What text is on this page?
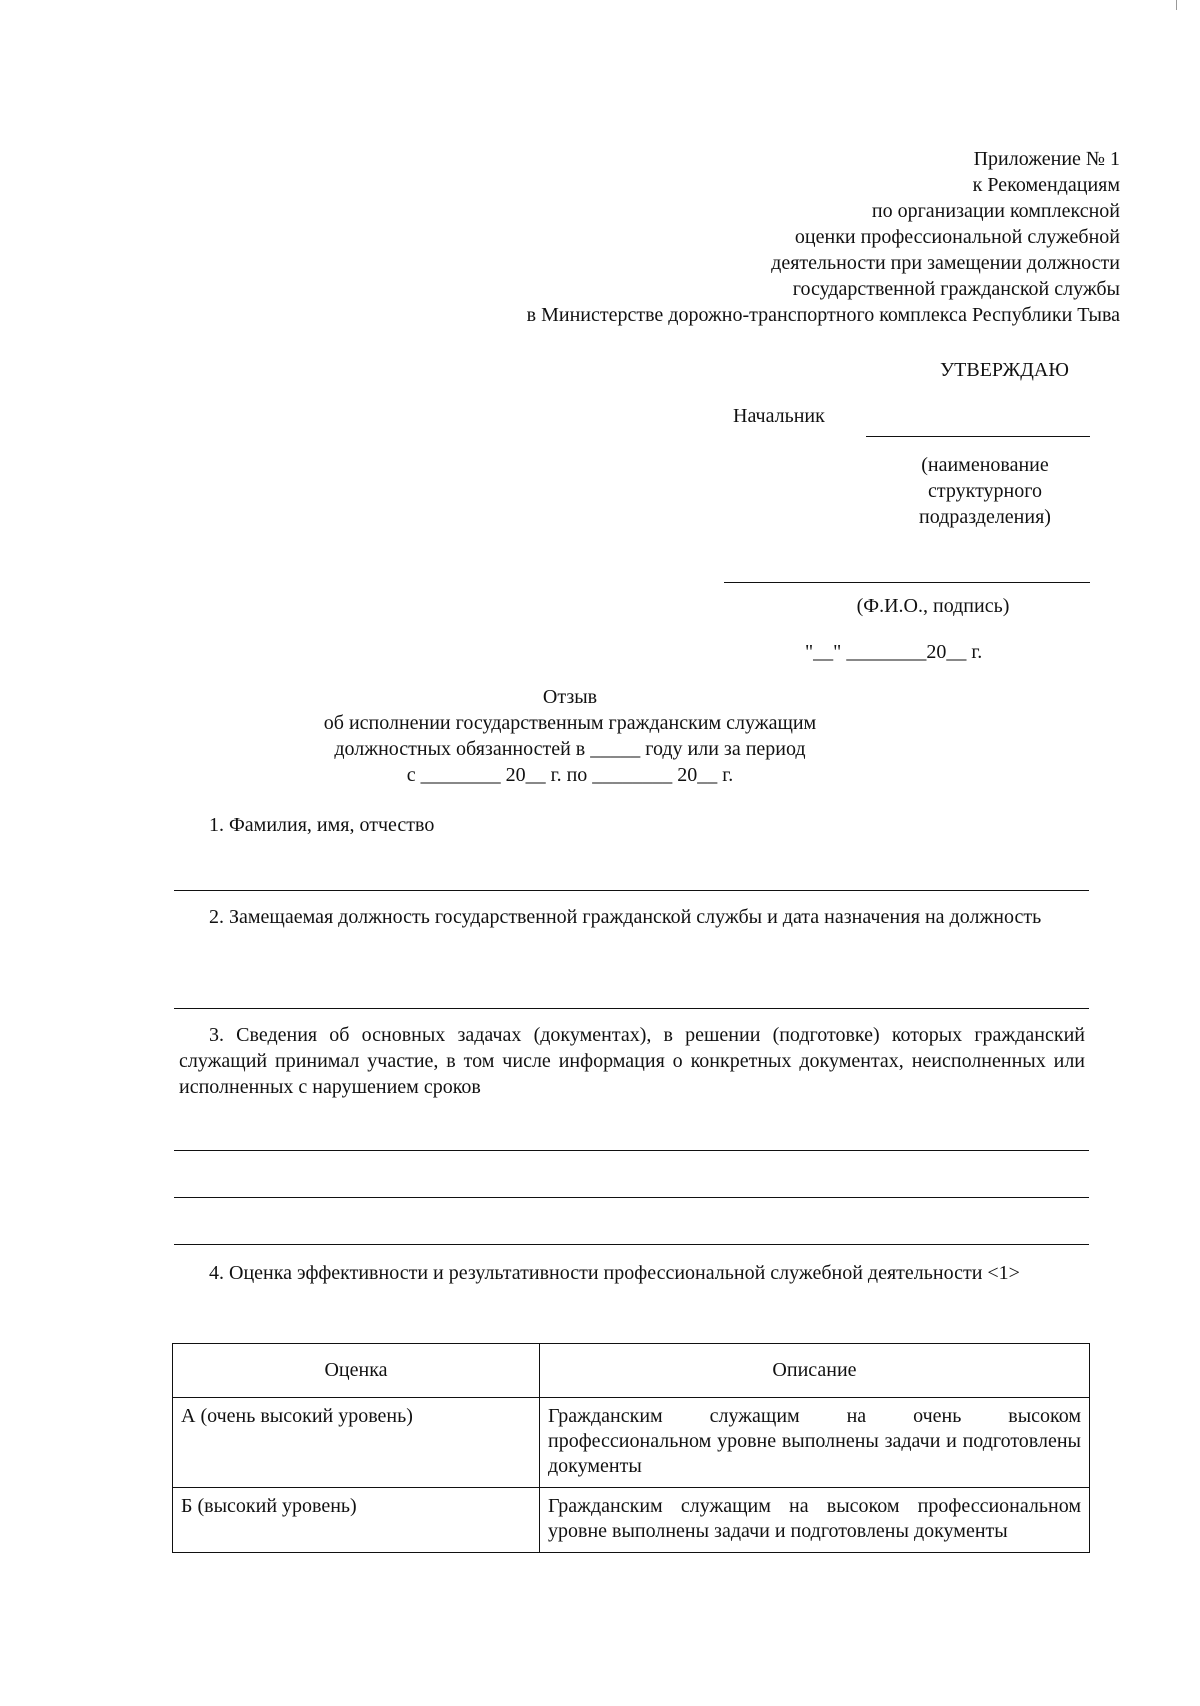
Приложение № 1
к Рекомендациям
по организации комплексной
оценки профессиональной служебной
деятельности при замещении должности
государственной гражданской службы
в Министерстве дорожно-транспортного комплекса Республики Тыва
УТВЕРЖДАЮ
Начальник
(наименование
структурного
подразделения)
(Ф.И.О., подпись)
"__" ________20__ г.
Отзыв
об исполнении государственным гражданским служащим
должностных обязанностей в _____ году или за период
с ________ 20__ г. по ________ 20__ г.
1. Фамилия, имя, отчество
2. Замещаемая должность государственной гражданской службы и дата назначения на должность
3. Сведения об основных задачах (документах), в решении (подготовке) которых гражданский служащий принимал участие, в том числе информация о конкретных документах, неисполненных или исполненных с нарушением сроков
4. Оценка эффективности и результативности профессиональной служебной деятельности <1>
Оценка	Описание
А (очень высокий уровень)	Гражданским служащим на очень высоком профессиональном уровне выполнены задачи и подготовлены документы
Б (высокий уровень)	Гражданским служащим на высоком профессиональном уровне выполнены задачи и подготовлены документы
